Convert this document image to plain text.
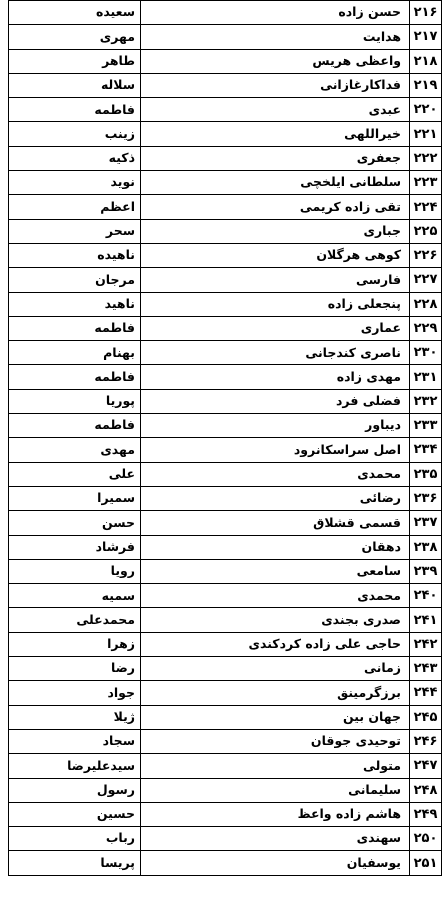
۲۱۶	حسن زاده	سعیده
۲۱۷	هدایت	مهری
۲۱۸	واعظی هریس	طاهر
۲۱۹	فداکارغازانی	سلاله
۲۲۰	عبدی	فاطمه
۲۲۱	خیراللهی	زینب
۲۲۲	جعفری	ذکیه
۲۲۳	سلطانی ایلخچی	نوید
۲۲۴	تقی زاده کریمی	اعظم
۲۲۵	جباری	سحر
۲۲۶	کوهی هرگلان	ناهیده
۲۲۷	فارسی	مرجان
۲۲۸	پنجعلی زاده	ناهید
۲۲۹	عماری	فاطمه
۲۳۰	ناصری کندجانی	بهنام
۲۳۱	مهدی زاده	فاطمه
۲۳۲	فضلی فرد	پوریا
۲۳۳	دیباور	فاطمه
۲۳۴	اصل سراسکانرود	مهدی
۲۳۵	محمدی	علی
۲۳۶	رضائی	سمیرا
۲۳۷	قسمی قشلاق	حسن
۲۳۸	دهقان	فرشاد
۲۳۹	سامعی	رویا
۲۴۰	محمدی	سمیه
۲۴۱	صدری بجندی	محمدعلی
۲۴۲	حاجی علی زاده کردکندی	زهرا
۲۴۳	زمانی	رضا
۲۴۴	برزگرمینق	جواد
۲۴۵	جهان بین	ژیلا
۲۴۶	توحیدی جوقان	سجاد
۲۴۷	متولی	سیدعلیرضا
۲۴۸	سلیمانی	رسول
۲۴۹	هاشم زاده واعظ	حسین
۲۵۰	سهندی	رباب
۲۵۱	یوسفیان	پریسا
